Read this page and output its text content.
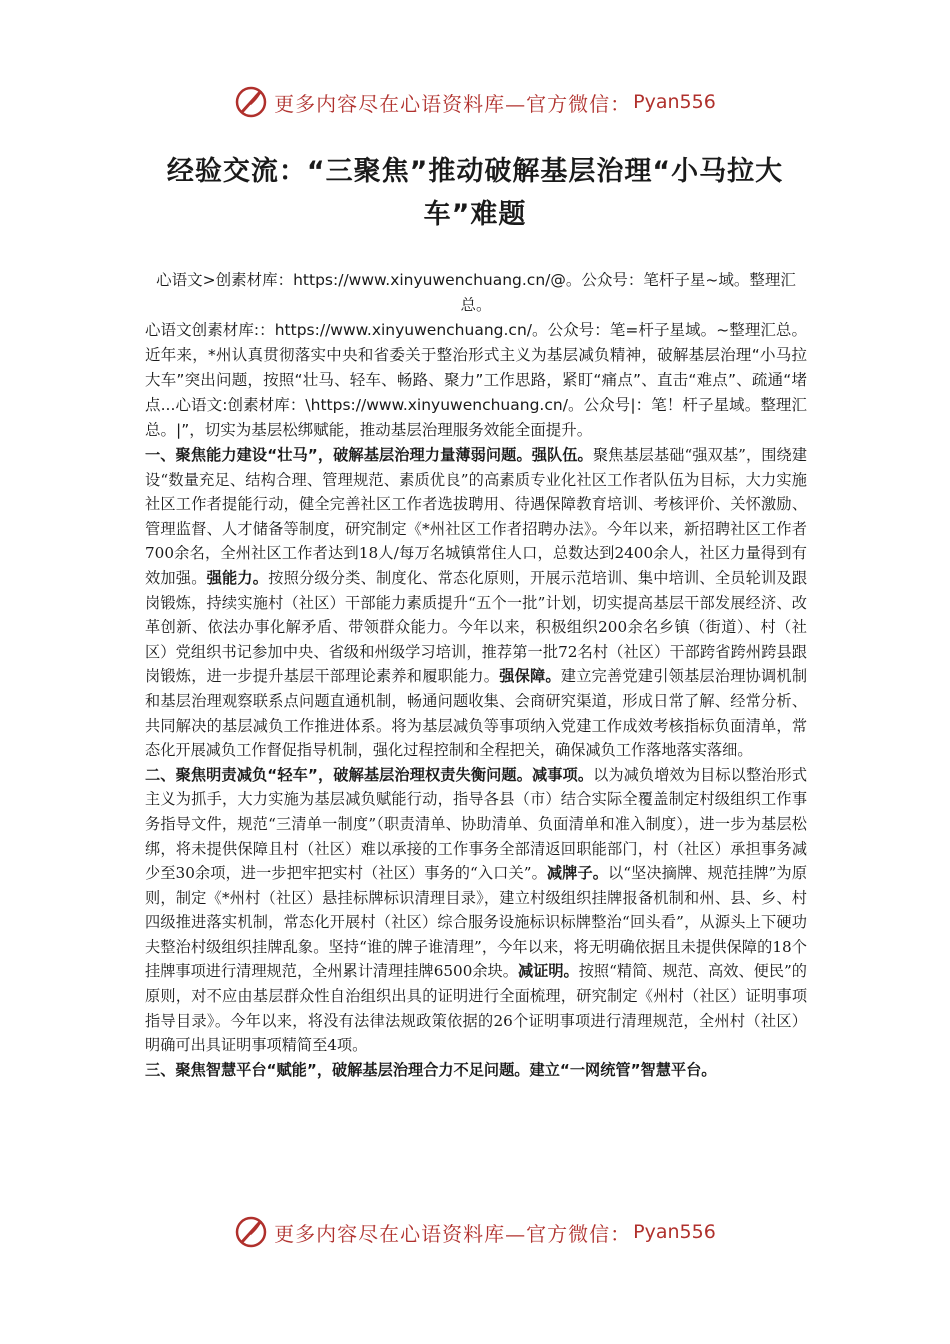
更多内容尽在心语资料库—官方微信： Pyan556
经验交流：“三聚焦”推动破解基层治理“小马拉大车”难题

心语文>创素材库：https://www.xinyuwenchuang.cn/@。公众号：笔杆子星~域。整理汇总。

心语文创素材库:：https://www.xinyuwenchuang.cn/。公众号：笔=杆子星域。~整理汇总。近年来，*州认真贯彻落实中央和省委关于整治形式主义为基层减负精神，破解基层治理“小马拉大车”突出问题，按照“壮马、轻车、畅路、聚力”工作思路，紧盯“痛点”、直击“难点”、疏通“堵点...心语文:创素材库：\https://www.xinyuwenchuang.cn/。公众号|：笔！杆子星域。整理汇总。|”，切实为基层松绑赋能，推动基层治理服务效能全面提升。

一、聚焦能力建设“壮马”，破解基层治理力量薄弱问题。强队伍。聚焦基层基础“强双基”，围绕建设“数量充足、结构合理、管理规范、素质优良”的高素质专业化社区工作者队伍为目标，大力实施社区工作者提能行动，健全完善社区工作者选拔聘用、待遇保障教育培训、考核评价、关怀激励、管理监督、人才储备等制度，研究制定《*州社区工作者招聘办法》。今年以来，新招聘社区工作者700余名，全州社区工作者达到18人/每万名城镇常住人口，总数达到2400余人，社区力量得到有效加强。强能力。按照分级分类、制度化、常态化原则，开展示范培训、集中培训、全员轮训及跟岗锻炼，持续实施村（社区）干部能力素质提升“五个一批”计划，切实提高基层干部发展经济、改革创新、依法办事化解矛盾、带领群众能力。今年以来，积极组织200余名乡镇（街道）、村（社区）党组织书记参加中央、省级和州级学习培训，推荐第一批72名村（社区）干部跨省跨州跨县跟岗锻炼，进一步提升基层干部理论素养和履职能力。强保障。建立完善党建引领基层治理协调机制和基层治理观察联系点问题直通机制，畅通问题收集、会商研究渠道，形成日常了解、经常分析、共同解决的基层减负工作推进体系。将为基层减负等事项纳入党建工作成效考核指标负面清单，常态化开展减负工作督促指导机制，强化过程控制和全程把关，确保减负工作落地落实落细。

二、聚焦明责减负“轻车”，破解基层治理权责失衡问题。减事项。以为减负增效为目标以整治形式主义为抓手，大力实施为基层减负赋能行动，指导各县（市）结合实际全覆盖制定村级组织工作事务指导文件，规范“三清单一制度”（职责清单、协助清单、负面清单和准入制度），进一步为基层松绑，将未提供保障且村（社区）难以承接的工作事务全部清返回职能部门，村（社区）承担事务减少至30余项，进一步把牢把实村（社区）事务的“入口关”。减牌子。以“坚决摘牌、规范挂牌”为原则，制定《*州村（社区）悬挂标牌标识清理目录》，建立村级组织挂牌报备机制和州、县、乡、村四级推进落实机制，常态化开展村（社区）综合服务设施标识标牌整治“回头看”，从源头上下硬功夫整治村级组织挂牌乱象。坚持“谁的牌子谁清理”，今年以来，将无明确依据且未提供保障的18个挂牌事项进行清理规范，全州累计清理挂牌6500余块。减证明。按照“精简、规范、高效、便民”的原则，对不应由基层群众性自治组织出具的证明进行全面梳理，研究制定《州村（社区）证明事项指导目录》。今年以来，将没有法律法规政策依据的26个证明事项进行清理规范，全州村（社区）明确可出具证明事项精简至4项。

三、聚焦智慧平台“赋能”，破解基层治理合力不足问题。建立“一网统管”智慧平台。

更多内容尽在心语资料库—官方微信： Pyan556
